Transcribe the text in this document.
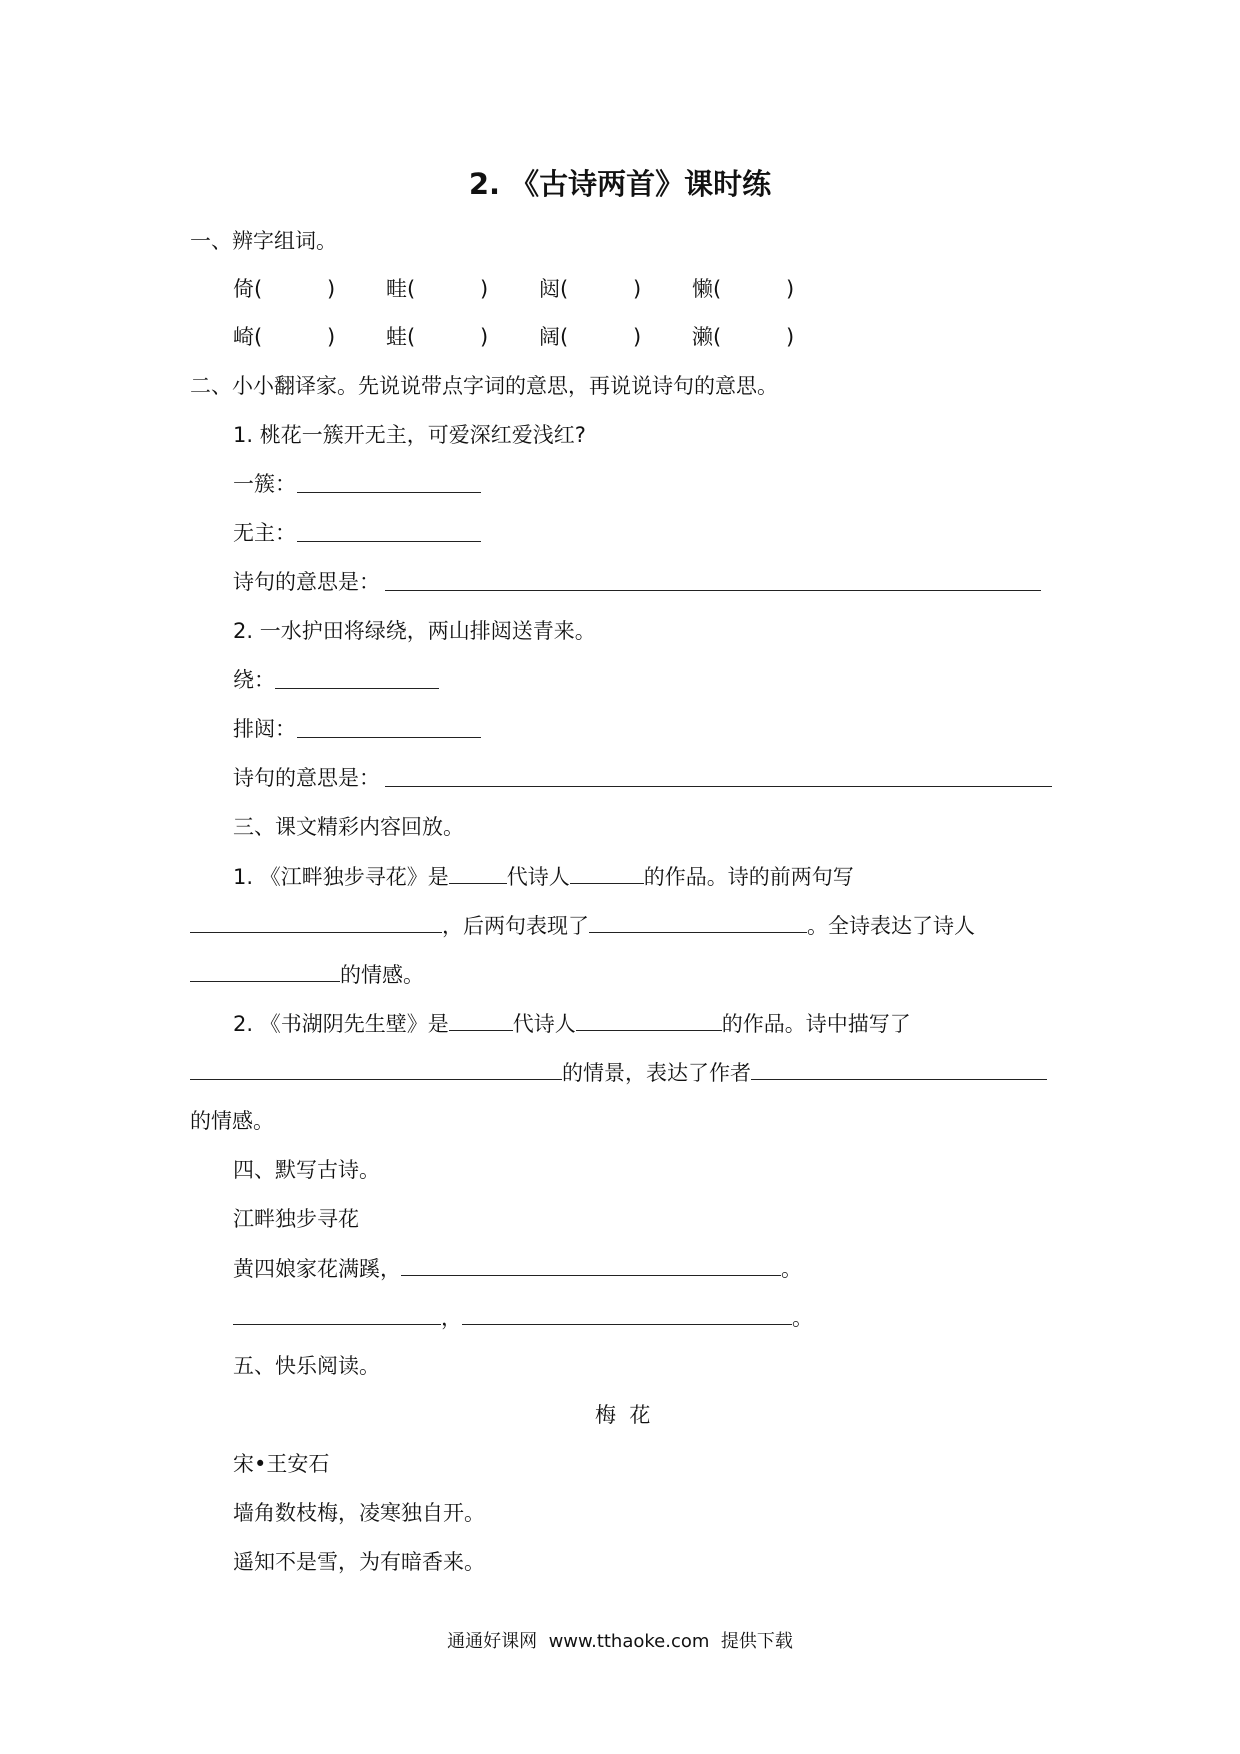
2. 《古诗两首》课时练
一、辨字组词。
倚(	) 畦(	) 闼(	) 懒(	)
崎(	) 蛙(	) 阔(	) 濑(	)
二、小小翻译家。先说说带点字词的意思，再说说诗句的意思。
1. 桃花一簇开无主，可爱深红爱浅红?
一簇：
无主：
诗句的意思是：
2. 一水护田将绿绕，两山排闼送青来。
绕：
排闼：
诗句的意思是：
三、课文精彩内容回放。
1. 《江畔独步寻花》是	代诗人	的作品。诗的前两句写
，后两句表现了	。全诗表达了诗人
的情感。
2. 《书湖阴先生壁》是	代诗人	的作品。诗中描写了
的情景，表达了作者
的情感。
四、默写古诗。
江畔独步寻花
黄四娘家花满蹊，	。
，	。
五、快乐阅读。
梅  花
宋•王安石
墙角数枝梅，凌寒独自开。
遥知不是雪，为有暗香来。
通通好课网  www.tthaoke.com  提供下载
